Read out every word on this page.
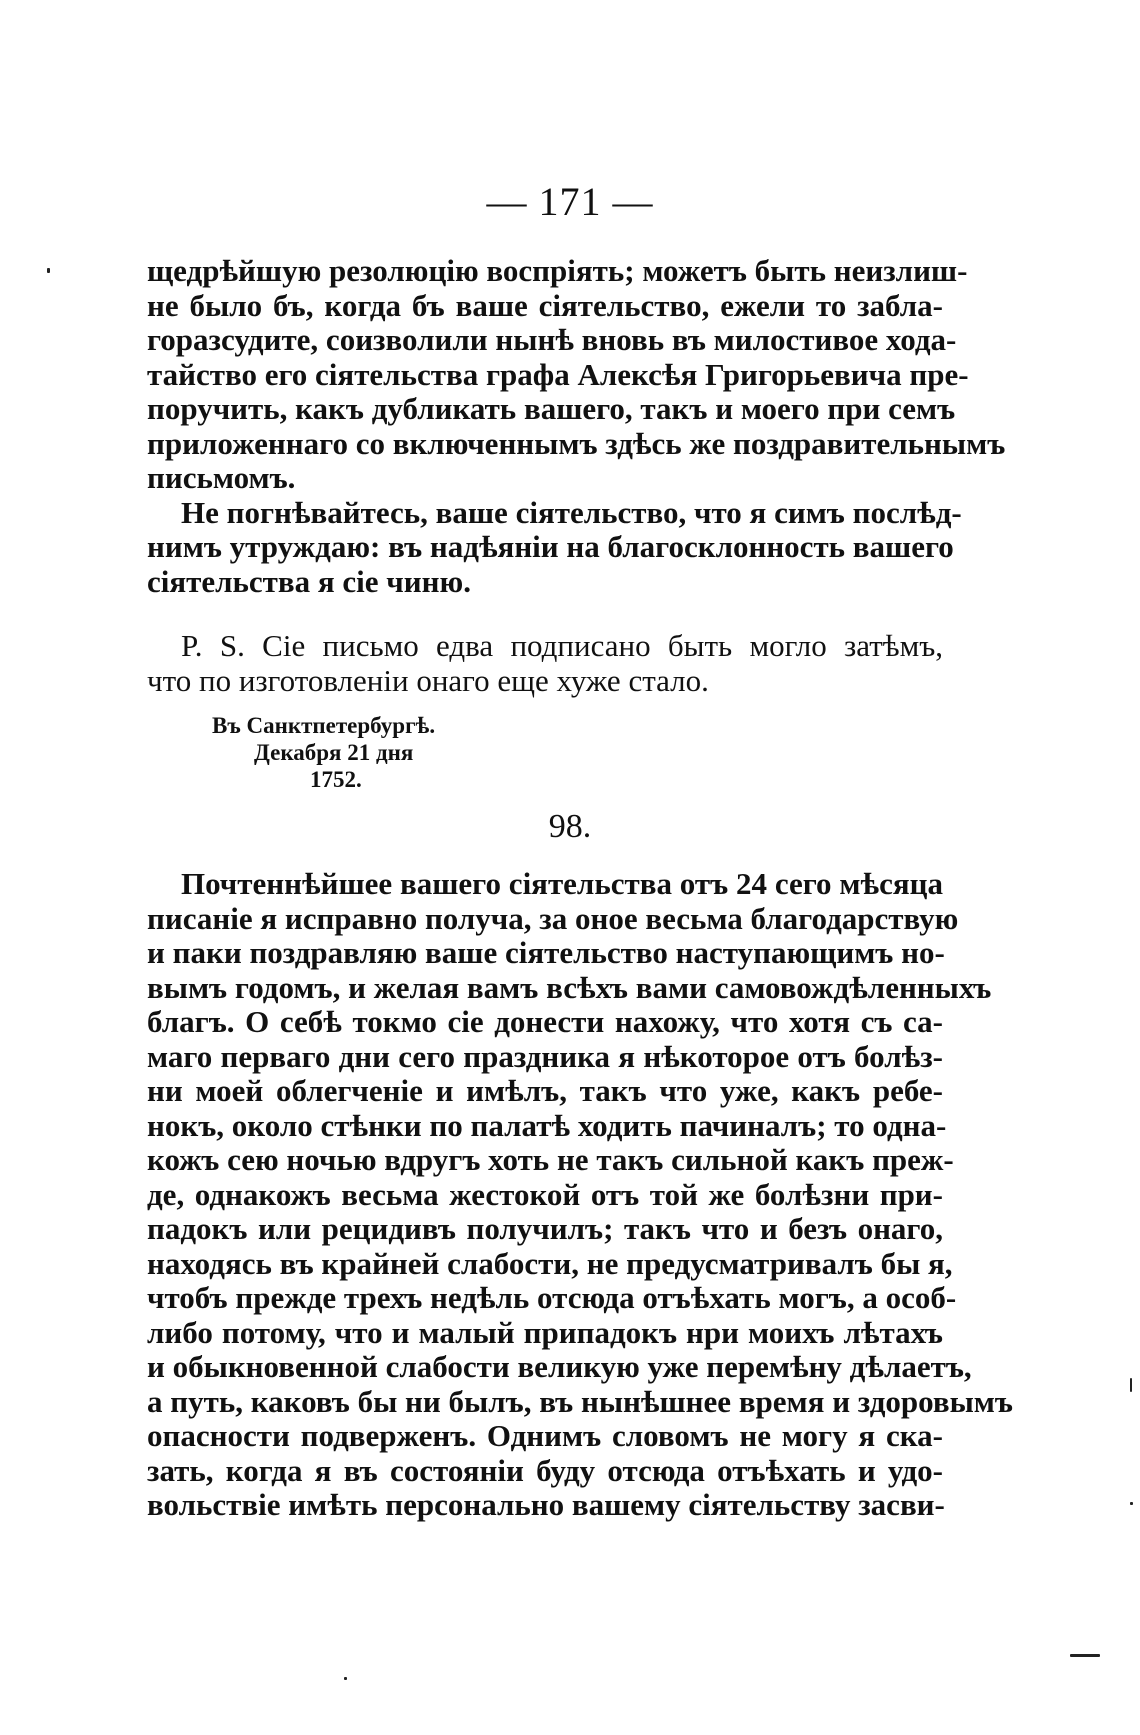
— 171 —
щедрѣйшую резолюцію воспріять; можетъ быть неизлиш-
не было бъ, когда бъ ваше сіятельство, ежели то забла-
горазсудите, соизволили нынѣ вновь въ милостивое хода-
тайство его сіятельства графа Алексѣя Григорьевича пре-
поручить, какъ дубликать вашего, такъ и моего при семъ
приложеннаго со включеннымъ здѣсь же поздравительнымъ
письмомъ.
Не погнѣвайтесь, ваше сіятельство, что я симъ послѣд-
нимъ утруждаю: въ надѣяніи на благосклонность вашего
сіятельства я сіе чиню.
P. S. Сіе письмо едва подписано быть могло затѣмъ,
что по изготовленіи онаго еще хуже стало.
Въ Санктпетербургѣ.
Декабря 21 дня
1752.
98.
Почтеннѣйшее вашего сіятельства отъ 24 сего мѣсяца
писаніе я исправно получа, за оное весьма благодарствую
и паки поздравляю ваше сіятельство наступающимъ но-
вымъ годомъ, и желая вамъ всѣхъ вами самовождѣленныхъ
благъ. О себѣ токмо сіе донести нахожу, что хотя съ са-
маго перваго дни сего праздника я нѣкоторое отъ болѣз-
ни моей облегченіе и имѣлъ, такъ что уже, какъ ребе-
нокъ, около стѣнки по палатѣ ходить пачиналъ; то одна-
кожъ сею ночью вдругъ хоть не такъ сильной какъ преж-
де, однакожъ весьма жестокой отъ той же болѣзни при-
падокъ или рецидивъ получилъ; такъ что и безъ онаго,
находясь въ крайней слабости, не предусматривалъ бы я,
чтобъ прежде трехъ недѣль отсюда отъѣхать могъ, а особ-
либо потому, что и малый припадокъ нри моихъ лѣтахъ
и обыкновенной слабости великую уже перемѣну дѣлаетъ,
а путь, каковъ бы ни былъ, въ нынѣшнее время и здоровымъ
опасности подверженъ. Однимъ словомъ не могу я ска-
зать, когда я въ состояніи буду отсюда отъѣхать и удо-
вольствіе имѣть персонально вашему сіятельству засви-
